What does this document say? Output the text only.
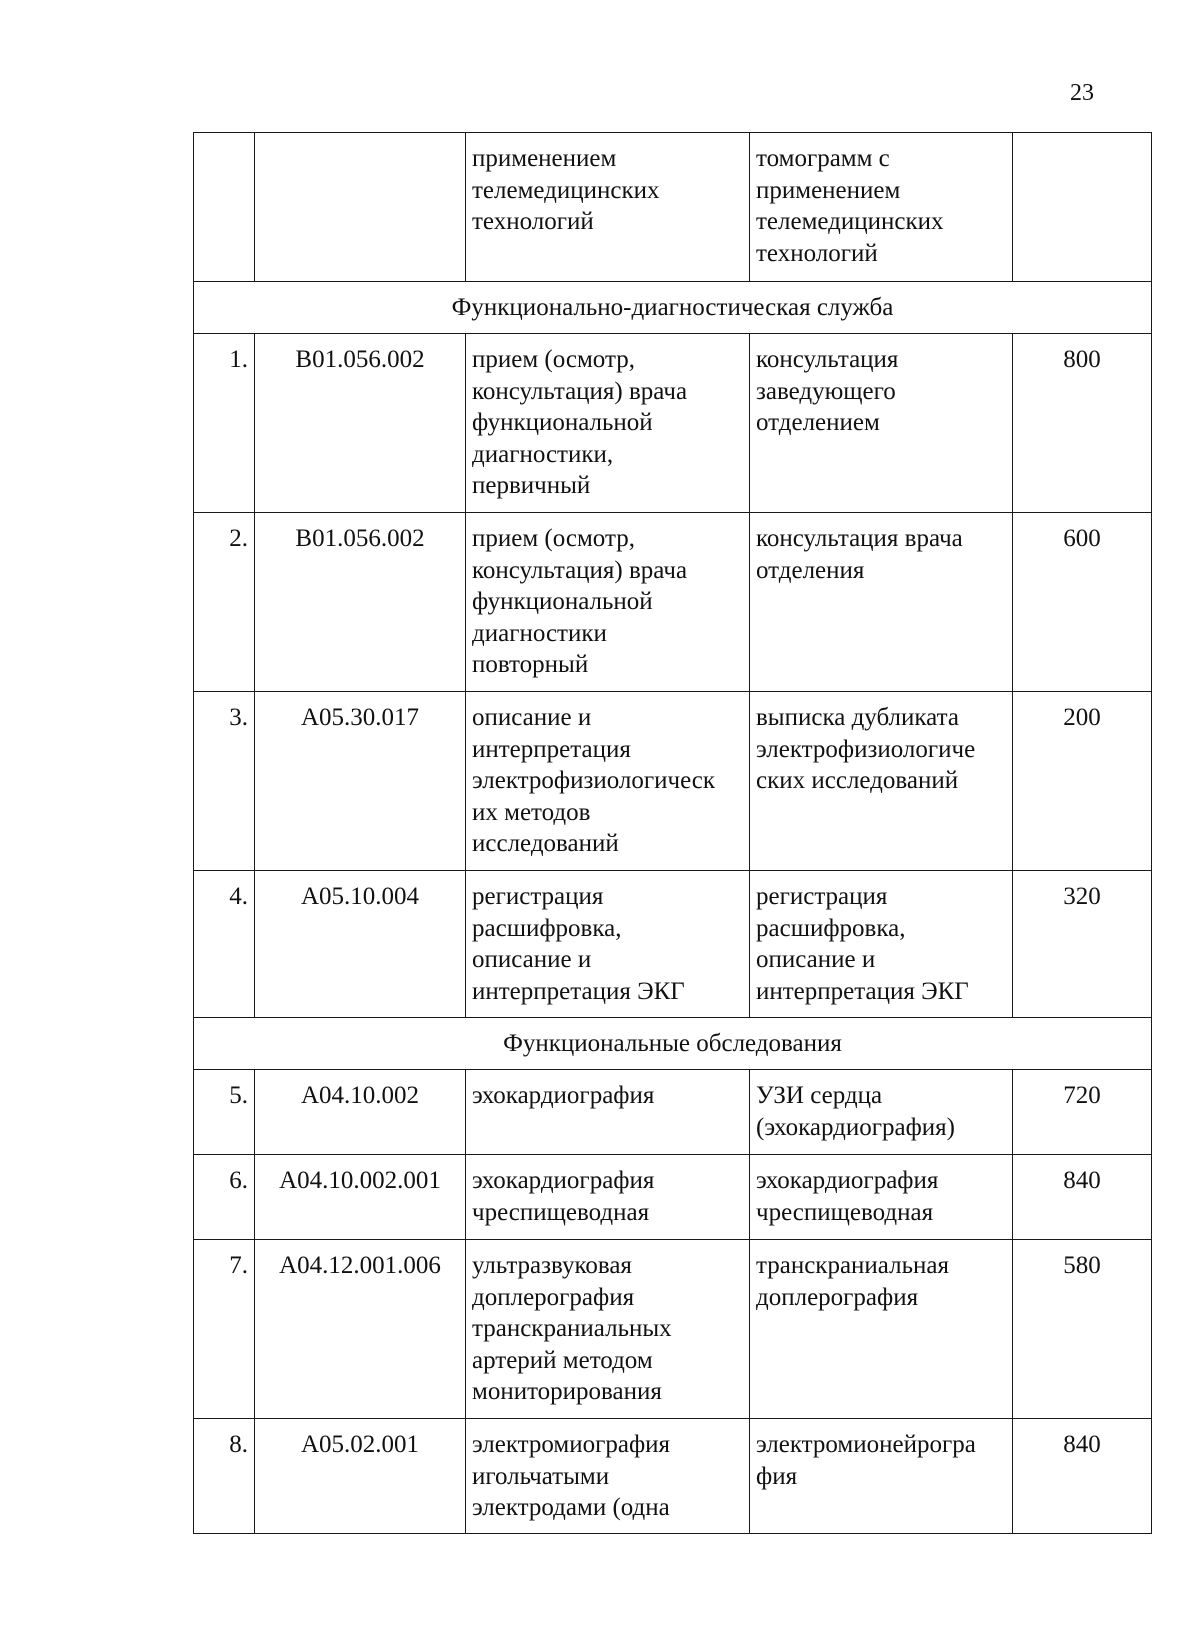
23
		применением
телемедицинских
технологий	томограмм с
применением
телемедицинских
технологий	
Функционально-диагностическая служба				
1.	В01.056.002	прием (осмотр,
консультация) врача
функциональной
диагностики,
первичный	консультация
заведующего
отделением	800
2.	В01.056.002	прием (осмотр,
консультация) врача
функциональной
диагностики
повторный	консультация врача
отделения	600
3.	А05.30.017	описание и
интерпретация
электрофизиологическ
их методов
исследований	выписка дубликата
электрофизиологиче
ских исследований	200
4.	А05.10.004	регистрация
расшифровка,
описание и
интерпретация ЭКГ	регистрация
расшифровка,
описание и
интерпретация ЭКГ	320
Функциональные обследования				
5.	А04.10.002	эхокардиография	УЗИ сердца
(эхокардиография)	720
6.	А04.10.002.001	эхокардиография
чреспищеводная	эхокардиография
чреспищеводная	840
7.	А04.12.001.006	ультразвуковая
доплерография
транскраниальных
артерий методом
мониторирования	транскраниальная
доплерография	580
8.	А05.02.001	электромиография
игольчатыми
электродами (одна	электромионейрогра
фия	840
